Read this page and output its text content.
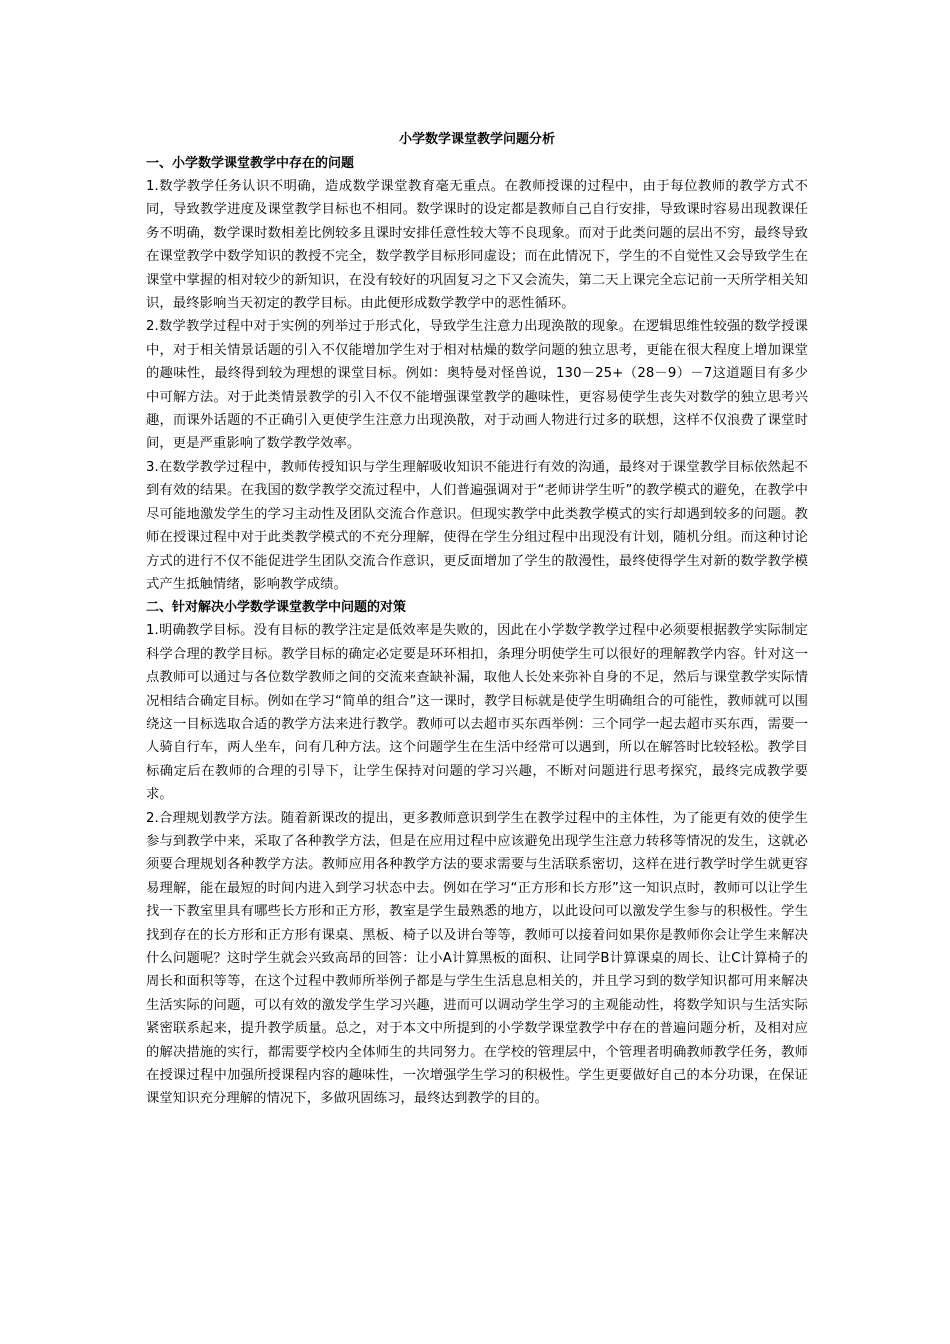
小学数学课堂教学问题分析
一、小学数学课堂教学中存在的问题

1.数学教学任务认识不明确，造成数学课堂教育毫无重点。在教师授课的过程中，由于每位教师的教学方式不同，导致教学进度及课堂教学目标也不相同。数学课时的设定都是教师自己自行安排，导致课时容易出现教课任务不明确，数学课时数相差比例较多且课时安排任意性较大等不良现象。而对于此类问题的层出不穷，最终导致在课堂教学中数学知识的教授不完全，数学教学目标形同虚设；而在此情况下，学生的不自觉性又会导致学生在课堂中掌握的相对较少的新知识，在没有较好的巩固复习之下又会流失，第二天上课完全忘记前一天所学相关知识，最终影响当天初定的教学目标。由此便形成数学教学中的恶性循环。

2.数学教学过程中对于实例的列举过于形式化，导致学生注意力出现涣散的现象。在逻辑思维性较强的数学授课中，对于相关情景话题的引入不仅能增加学生对于相对枯燥的数学问题的独立思考，更能在很大程度上增加课堂的趣味性，最终得到较为理想的课堂目标。例如：奥特曼对怪兽说，130－25+（28－9）－7这道题目有多少中可解方法。对于此类情景教学的引入不仅不能增强课堂教学的趣味性，更容易使学生丧失对数学的独立思考兴趣，而课外话题的不正确引入更使学生注意力出现涣散，对于动画人物进行过多的联想，这样不仅浪费了课堂时间，更是严重影响了数学教学效率。

3.在数学教学过程中，教师传授知识与学生理解吸收知识不能进行有效的沟通，最终对于课堂教学目标依然起不到有效的结果。在我国的数学教学交流过程中，人们普遍强调对于“老师讲学生听”的教学模式的避免，在教学中尽可能地激发学生的学习主动性及团队交流合作意识。但现实教学中此类教学模式的实行却遇到较多的问题。教师在授课过程中对于此类教学模式的不充分理解，使得在学生分组过程中出现没有计划，随机分组。而这种讨论方式的进行不仅不能促进学生团队交流合作意识，更反面增加了学生的散漫性，最终使得学生对新的数学教学模式产生抵触情绪，影响教学成绩。

二、针对解决小学数学课堂教学中问题的对策

1.明确教学目标。没有目标的教学注定是低效率是失败的，因此在小学数学教学过程中必须要根据教学实际制定科学合理的教学目标。教学目标的确定必定要是环环相扣，条理分明使学生可以很好的理解教学内容。针对这一点教师可以通过与各位数学教师之间的交流来查缺补漏，取他人长处来弥补自身的不足，然后与课堂教学实际情况相结合确定目标。例如在学习“简单的组合”这一课时，教学目标就是使学生明确组合的可能性，教师就可以围绕这一目标选取合适的教学方法来进行教学。教师可以去超市买东西举例：三个同学一起去超市买东西，需要一人骑自行车，两人坐车，问有几种方法。这个问题学生在生活中经常可以遇到，所以在解答时比较轻松。教学目标确定后在教师的合理的引导下，让学生保持对问题的学习兴趣，不断对问题进行思考探究，最终完成教学要求。

2.合理规划教学方法。随着新课改的提出，更多教师意识到学生在教学过程中的主体性，为了能更有效的使学生参与到教学中来，采取了各种教学方法，但是在应用过程中应该避免出现学生注意力转移等情况的发生，这就必须要合理规划各种教学方法。教师应用各种教学方法的要求需要与生活联系密切，这样在进行教学时学生就更容易理解，能在最短的时间内进入到学习状态中去。例如在学习“正方形和长方形”这一知识点时，教师可以让学生找一下教室里具有哪些长方形和正方形，教室是学生最熟悉的地方，以此设问可以激发学生参与的积极性。学生找到存在的长方形和正方形有课桌、黑板、椅子以及讲台等等，教师可以接着问如果你是教师你会让学生来解决什么问题呢？这时学生就会兴致高昂的回答：让小A计算黑板的面积、让同学B计算课桌的周长、让C计算椅子的周长和面积等等，在这个过程中教师所举例子都是与学生生活息息相关的，并且学习到的数学知识都可用来解决生活实际的问题，可以有效的激发学生学习兴趣，进而可以调动学生学习的主观能动性，将数学知识与生活实际紧密联系起来，提升教学质量。总之，对于本文中所提到的小学数学课堂教学中存在的普遍问题分析，及相对应的解决措施的实行，都需要学校内全体师生的共同努力。在学校的管理层中，个管理者明确教师教学任务，教师在授课过程中加强所授课程内容的趣味性，一次增强学生学习的积极性。学生更要做好自己的本分功课，在保证课堂知识充分理解的情况下，多做巩固练习，最终达到教学的目的。
